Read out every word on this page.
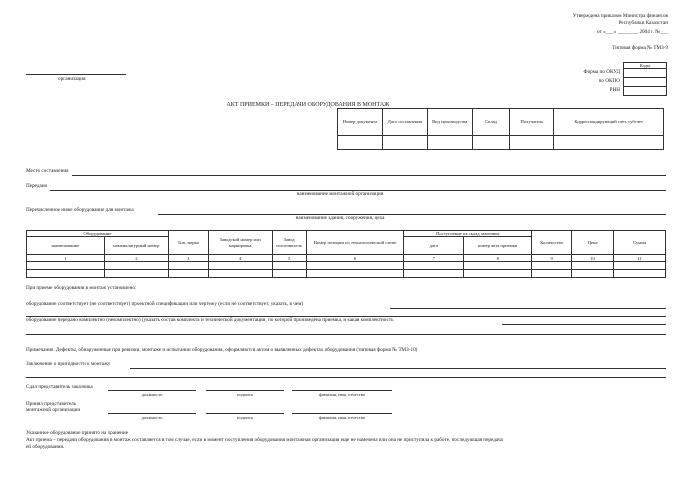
Утверждена приказом Министра финансов
Республики Казахстан
от «___» ________ 2004 г. №___
Типовая форма № ТМЗ-9
Коды

Форма по ОКУД
по ОКПО
РНН
организация
АКТ ПРИЕМКИ – ПЕРЕДАЧИ ОБОРУДОВАНИЯ В МОНТАЖ
Номер документа	Дата составления	Вид производства	Склад	Получатель	Корреспондирующий счет, субсчет

Место составления
Передано
наименование монтажной организации
Перечисленное ниже оборудование для монтажа
наименование здания, сооружения, цеха
Оборудование		Тип, марка	Заводской номер или маркировка	Завод изготовитель	Номер позиции по технологической схеме	Поступление на склад заказчика		Количество	Цена	Сумма
наименование	номенклатурный номер					дата	номер акта приемки			
1	2	3	4	5	6	7	8	9	10	11

При приеме оборудования в монтаж установлено:
оборудование соответствует (не соответствует) проектной спецификации или чертежу (если не соответствует, указать, в чем)
оборудование передано комплектно (некомплектно) (указать состав комплекта и технической документации, по которой произведена приемка, и какая комплектность
Примечание. Дефекты, обнаруженные при ревизии, монтаже и испытании оборудования, оформляются актом о выявленных дефектах оборудования (типовая форма № ТМЗ-10)
Заключение о пригодности к монтажу
Сдал представитель заказчика
должность	подпись	фамилия, имя, отчество
Принял представитель
монтажной организации
должность	подпись	фамилия, имя, отчество
Указанное оборудование принято на хранение
Акт приема – передачи оборудования в монтаж составляется в том случае, если в момент поступления оборудования монтажная организация еще не намечена или она не приступила к работе, последующая передача
ей оборудования.
